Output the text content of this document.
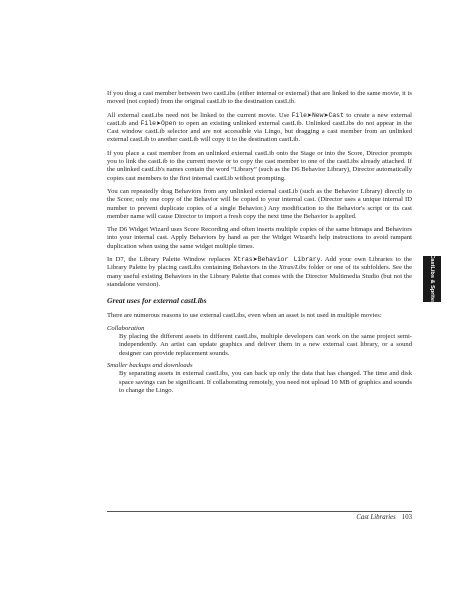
If you drag a cast member between two castLibs (either internal or external) that are linked to the same movie, it is moved (not copied) from the original castLib to the destination castLib.

All external castLibs need not be linked to the current movie. Use File➤New➤Cast to create a new external castLib and File➤Open to open an existing unlinked external castLib. Unlinked castLibs do not appear in the Cast window castLib selector and are not accessible via Lingo, but dragging a cast member from an unlinked external castLib to another castLib will copy it to the destination castLib.

If you place a cast member from an unlinked external castLib onto the Stage or into the Score, Director prompts you to link the castLib to the current movie or to copy the cast member to one of the castLibs already attached. If the unlinked castLib's names contain the word “Library” (such as the D6 Behavior Library), Director automatically copies cast members to the first internal castLib without prompting.

You can repeatedly drag Behaviors from any unlinked external castLib (such as the Behavior Library) directly to the Score; only one copy of the Behavior will be copied to your internal cast. (Director uses a unique internal ID number to prevent duplicate copies of a single Behavior.) Any modification to the Behavior's script or its cast member name will cause Director to import a fresh copy the next time the Behavior is applied.

The D6 Widget Wizard uses Score Recording and often inserts multiple copies of the same bitmaps and Behaviors into your internal cast. Apply Behaviors by hand as per the Widget Wizard's help instructions to avoid rampant duplication when using the same widget multiple times.

In D7, the Library Palette Window replaces Xtras➤Behavior Library. Add your own Libraries to the Library Palette by placing castLibs containing Behaviors in the Xtras/Libs folder or one of its subfolders. See the many useful existing Behaviors in the Library Palette that comes with the Director Multimedia Studio (but not the standalone version).

Great uses for external castLibs

There are numerous reasons to use external castLibs, even when an asset is not used in multiple movies:

Collaboration
By placing the different assets in different castLibs, multiple developers can work on the same project semi-independently. An artist can update graphics and deliver them in a new external cast library, or a sound designer can provide replacement sounds.
Smaller backups and downloads
By separating assets in external castLibs, you can back up only the data that has changed. The time and disk space savings can be significant. If collaborating remotely, you need not upload 10 MB of graphics and sounds to change the Lingo.
CastLibs & Sprites
Cast Libraries 103
